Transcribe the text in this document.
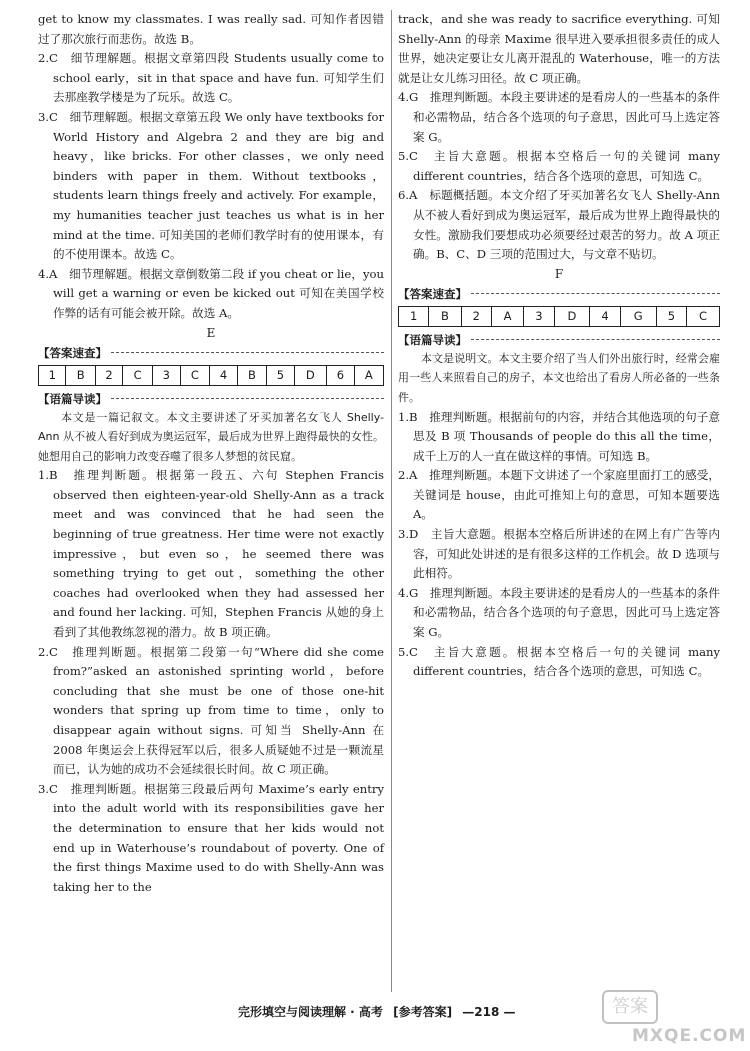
get to know my classmates. I was really sad. 可知作者因错过了那次旅行而悲伤。故选 B。

2.C　细节理解题。根据文章第四段 Students usually come to school early，sit in that space and have fun. 可知学生们去那座教学楼是为了玩乐。故选 C。

3.C　细节理解题。根据文章第五段 We only have textbooks for World History and Algebra 2 and they are big and heavy，like bricks. For other classes，we only need binders with paper in them. Without textbooks，students learn things freely and actively. For example，my humanities teacher just teaches us what is in her mind at the time. 可知美国的老师们教学时有的使用课本，有的不使用课本。故选 C。

4.A　细节理解题。根据文章倒数第二段 if you cheat or lie，you will get a warning or even be kicked out 可知在美国学校作弊的话有可能会被开除。故选 A。

E

【答案速查】
1	B	2	C	3	C	4	B	5	D	6	A
【语篇导读】

本文是一篇记叙文。本文主要讲述了牙买加著名女飞人 Shelly-Ann 从不被人看好到成为奥运冠军，最后成为世界上跑得最快的女性。她想用自己的影响力改变吞噬了很多人梦想的贫民窟。

1.B　推理判断题。根据第一段五、六句 Stephen Francis observed then eighteen-year-old Shelly-Ann as a track meet and was convinced that he had seen the beginning of true greatness. Her time were not exactly impressive，but even so，he seemed there was something trying to get out，something the other coaches had overlooked when they had assessed her and found her lacking. 可知，Stephen Francis 从她的身上看到了其他教练忽视的潜力。故 B 项正确。

2.C　推理判断题。根据第二段第一句“Where did she come from?”asked an astonished sprinting world，before concluding that she must be one of those one-hit wonders that spring up from time to time，only to disappear again without signs. 可知当 Shelly-Ann 在 2008 年奥运会上获得冠军以后，很多人质疑她不过是一颗流星而已，认为她的成功不会延续很长时间。故 C 项正确。

3.C　推理判断题。根据第三段最后两句 Maxime’s early entry into the adult world with its responsibilities gave her the determination to ensure that her kids would not end up in Waterhouse’s roundabout of poverty. One of the first things Maxime used to do with Shelly-Ann was taking her to the

track，and she was ready to sacrifice everything. 可知 Shelly-Ann 的母亲 Maxime 很早进入要承担很多责任的成人世界，她决定要让女儿离开混乱的 Waterhouse，唯一的方法就是让女儿练习田径。故 C 项正确。

4.G　推理判断题。本段主要讲述的是看房人的一些基本的条件和必需物品，结合各个选项的句子意思，因此可马上选定答案 G。

5.C　主旨大意题。根据本空格后一句的关键词 many different countries，结合各个选项的意思，可知选 C。

6.A　标题概括题。本文介绍了牙买加著名女飞人 Shelly-Ann 从不被人看好到成为奥运冠军，最后成为世界上跑得最快的女性。激励我们要想成功必须要经过艰苦的努力。故 A 项正确。B、C、D 三项的范围过大，与文章不贴切。

F

【答案速查】
1	B	2	A	3	D	4	G	5	C
【语篇导读】

本文是说明文。本文主要介绍了当人们外出旅行时，经常会雇用一些人来照看自己的房子，本文也给出了看房人所必备的一些条件。

1.B　推理判断题。根据前句的内容，并结合其他选项的句子意思及 B 项 Thousands of people do this all the time，成千上万的人一直在做这样的事情。可知选 B。

2.A　推理判断题。本题下文讲述了一个家庭里面打工的感受，关键词是 house，由此可推知上句的意思，可知本题要选 A。

3.D　主旨大意题。根据本空格后所讲述的在网上有广告等内容，可知此处讲述的是有很多这样的工作机会。故 D 选项与此相符。

4.G　推理判断题。本段主要讲述的是看房人的一些基本的条件和必需物品，结合各个选项的句子意思，因此可马上选定答案 G。

5.C　主旨大意题。根据本空格后一句的关键词 many different countries，结合各个选项的意思，可知选 C。

完形填空与阅读理解 · 高考 [参考答案] —218 —	答案
MXQE.COM
